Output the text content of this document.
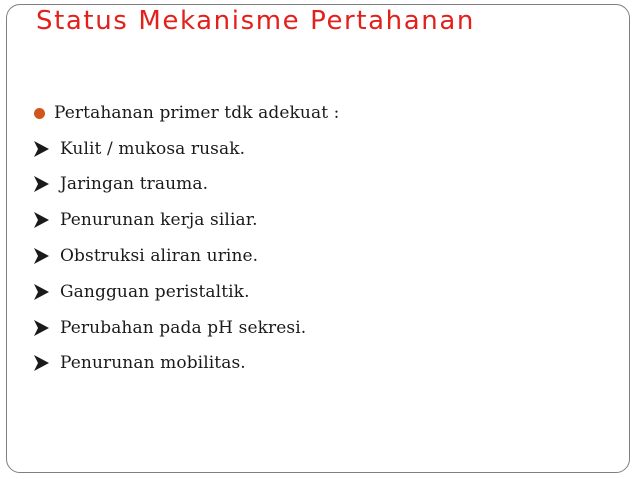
Status Mekanisme Pertahanan
Pertahanan primer tdk adekuat :
Kulit / mukosa rusak.
Jaringan trauma.
Penurunan kerja siliar.
Obstruksi aliran urine.
Gangguan peristaltik.
Perubahan pada pH sekresi.
Penurunan mobilitas.
